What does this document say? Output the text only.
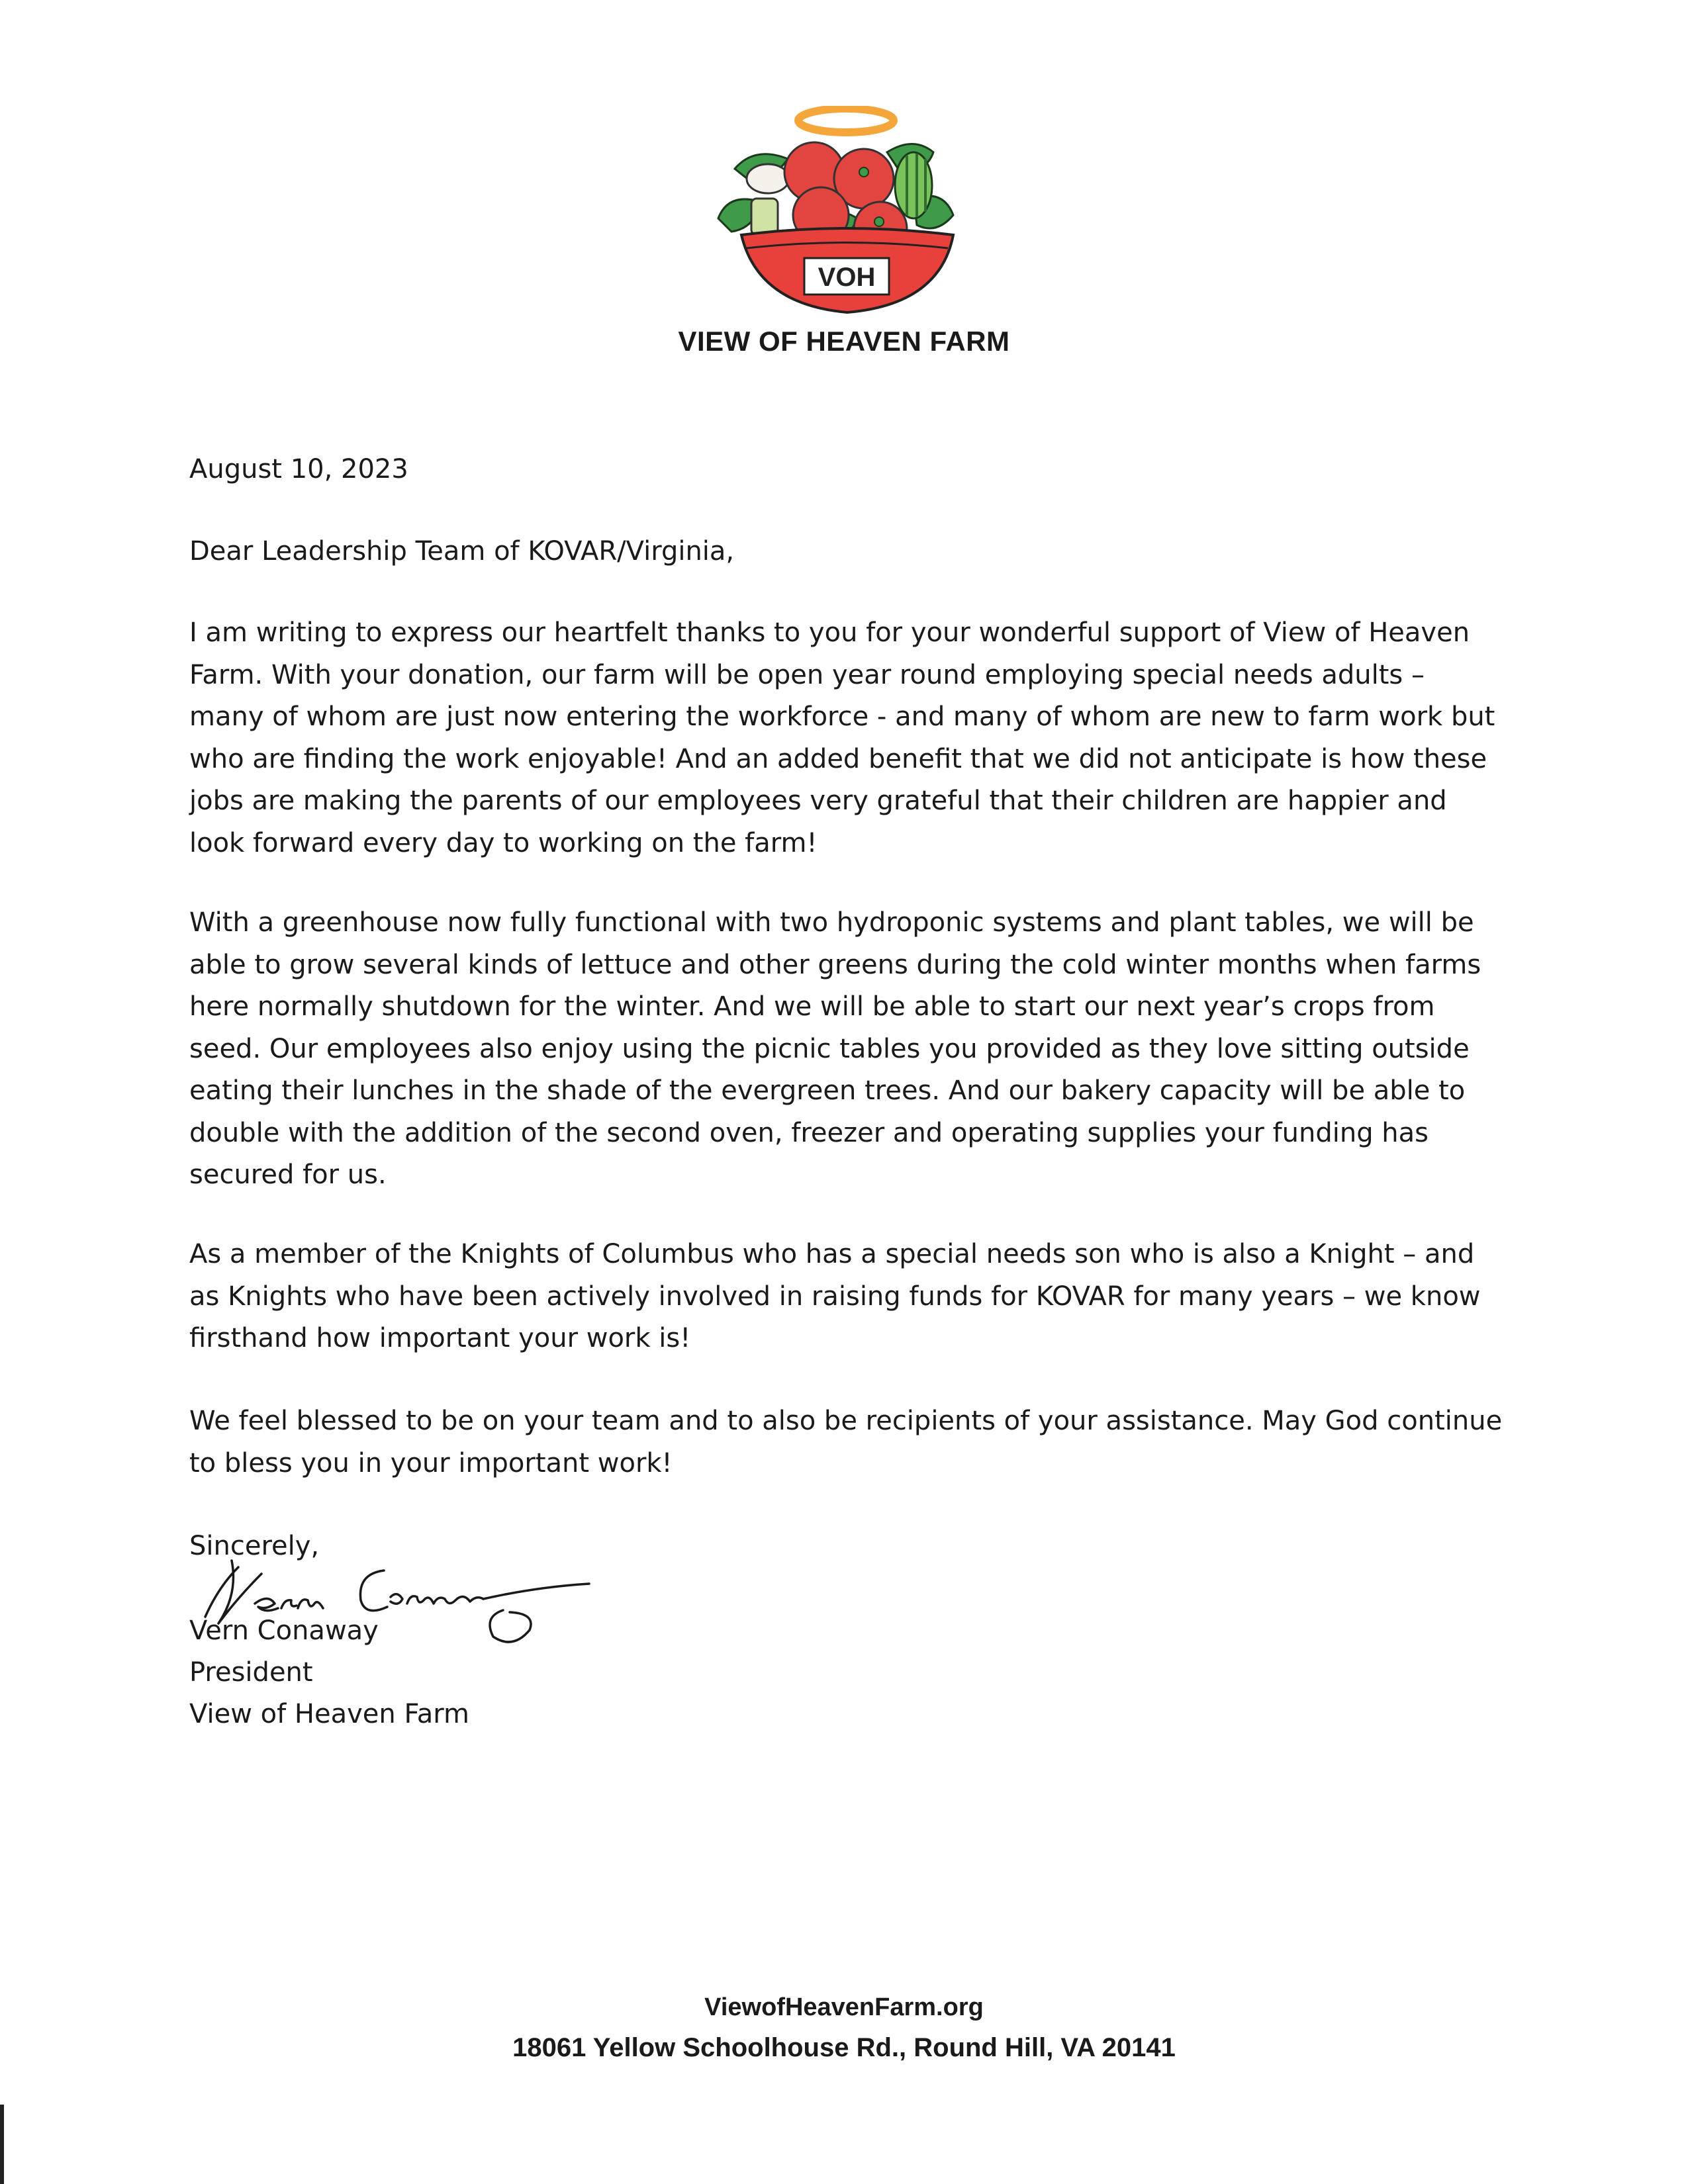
VOH
VIEW OF HEAVEN FARM

August 10, 2023

Dear Leadership Team of KOVAR/Virginia,

I am writing to express our heartfelt thanks to you for your wonderful support of View of Heaven Farm. With your donation, our farm will be open year round employing special needs adults – many of whom are just now entering the workforce - and many of whom are new to farm work but who are finding the work enjoyable! And an added benefit that we did not anticipate is how these jobs are making the parents of our employees very grateful that their children are happier and look forward every day to working on the farm!

With a greenhouse now fully functional with two hydroponic systems and plant tables, we will be able to grow several kinds of lettuce and other greens during the cold winter months when farms here normally shutdown for the winter. And we will be able to start our next year’s crops from seed. Our employees also enjoy using the picnic tables you provided as they love sitting outside eating their lunches in the shade of the evergreen trees. And our bakery capacity will be able to double with the addition of the second oven, freezer and operating supplies your funding has secured for us.

As a member of the Knights of Columbus who has a special needs son who is also a Knight – and as Knights who have been actively involved in raising funds for KOVAR for many years – we know firsthand how important your work is!

We feel blessed to be on your team and to also be recipients of your assistance. May God continue to bless you in your important work!

Sincerely,

Vern Conaway

President

View of Heaven Farm

ViewofHeavenFarm.org
18061 Yellow Schoolhouse Rd., Round Hill, VA 20141
